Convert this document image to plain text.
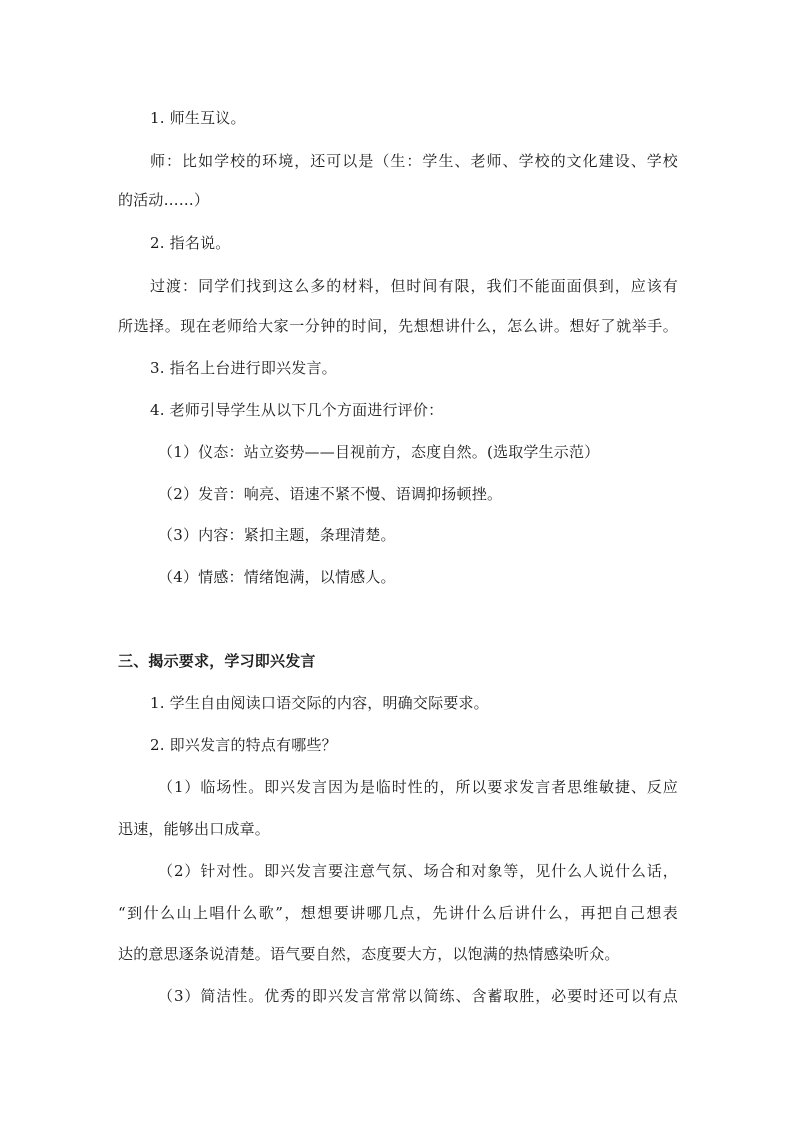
1. 师生互议。
师：比如学校的环境，还可以是（生：学生、老师、学校的文化建设、学校
的活动……）
2. 指名说。
过渡：同学们找到这么多的材料，但时间有限，我们不能面面俱到，应该有
所选择。现在老师给大家一分钟的时间，先想想讲什么，怎么讲。想好了就举手。
3. 指名上台进行即兴发言。
4. 老师引导学生从以下几个方面进行评价：
（1）仪态：站立姿势——目视前方，态度自然。(选取学生示范）
（2）发音：响亮、语速不紧不慢、语调抑扬顿挫。
（3）内容：紧扣主题，条理清楚。
（4）情感：情绪饱满，以情感人。
三、揭示要求，学习即兴发言
1. 学生自由阅读口语交际的内容，明确交际要求。
2. 即兴发言的特点有哪些？
（1）临场性。即兴发言因为是临时性的，所以要求发言者思维敏捷、反应
迅速，能够出口成章。
（2）针对性。即兴发言要注意气氛、场合和对象等，见什么人说什么话，
“到什么山上唱什么歌”，想想要讲哪几点，先讲什么后讲什么，再把自己想表
达的意思逐条说清楚。语气要自然，态度要大方，以饱满的热情感染听众。
（3）简洁性。优秀的即兴发言常常以简练、含蓄取胜，必要时还可以有点
